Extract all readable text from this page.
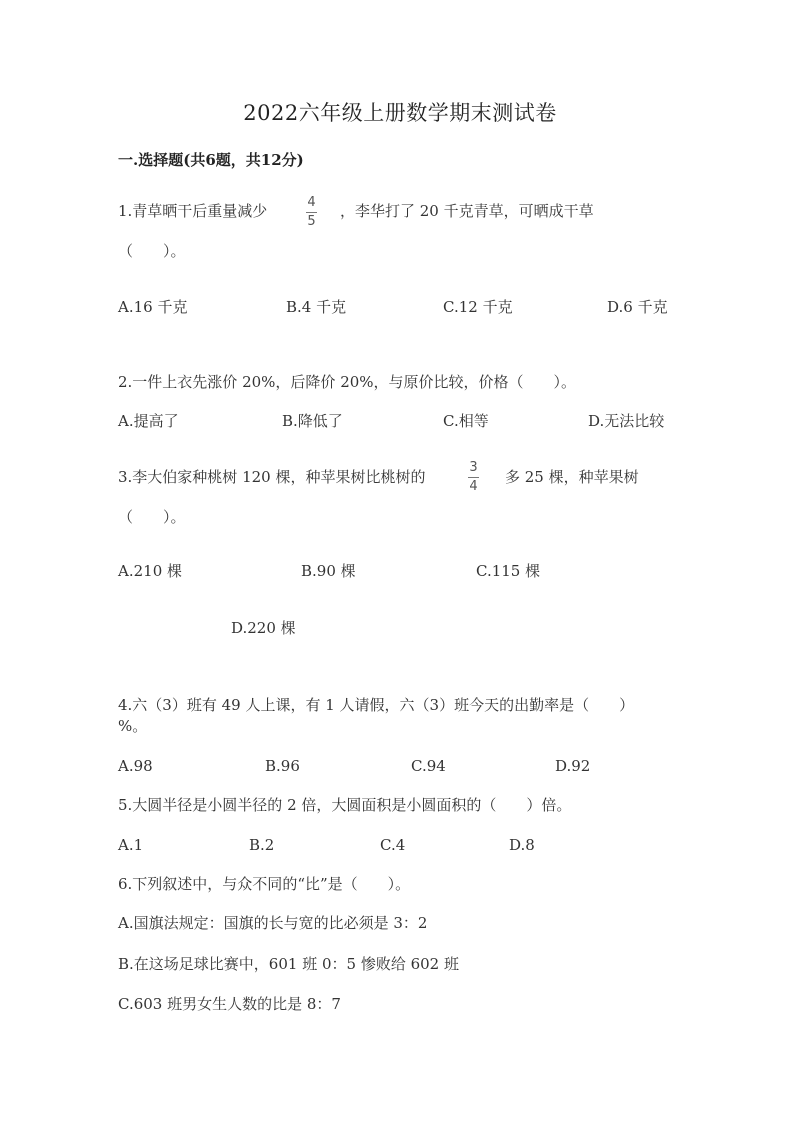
2022六年级上册数学期末测试卷
一.选择题(共6题，共12分)
1.青草晒干后重量减少	4
5
，李华打了 20 千克青草，可晒成干草
（　　）。
A.16 千克	B.4 千克	C.12 千克	D.6 千克
2.一件上衣先涨价 20%，后降价 20%，与原价比较，价格（　　）。
A.提高了	B.降低了	C.相等	D.无法比较
3.李大伯家种桃树 120 棵，种苹果树比桃树的
3
4
多 25 棵，种苹果树
（　　）。
A.210 棵	B.90 棵	C.115 棵
D.220 棵
4.六（3）班有 49 人上课，有 1 人请假，六（3）班今天的出勤率是（　　）
%。
A.98	B.96	C.94	D.92
5.大圆半径是小圆半径的 2 倍，大圆面积是小圆面积的（　　）倍。
A.1	B.2	C.4	D.8
6.下列叙述中，与众不同的“比”是（　　）。
A.国旗法规定：国旗的长与宽的比必须是 3：2
B.在这场足球比赛中，601 班 0：5 惨败给 602 班
C.603 班男女生人数的比是 8：7
